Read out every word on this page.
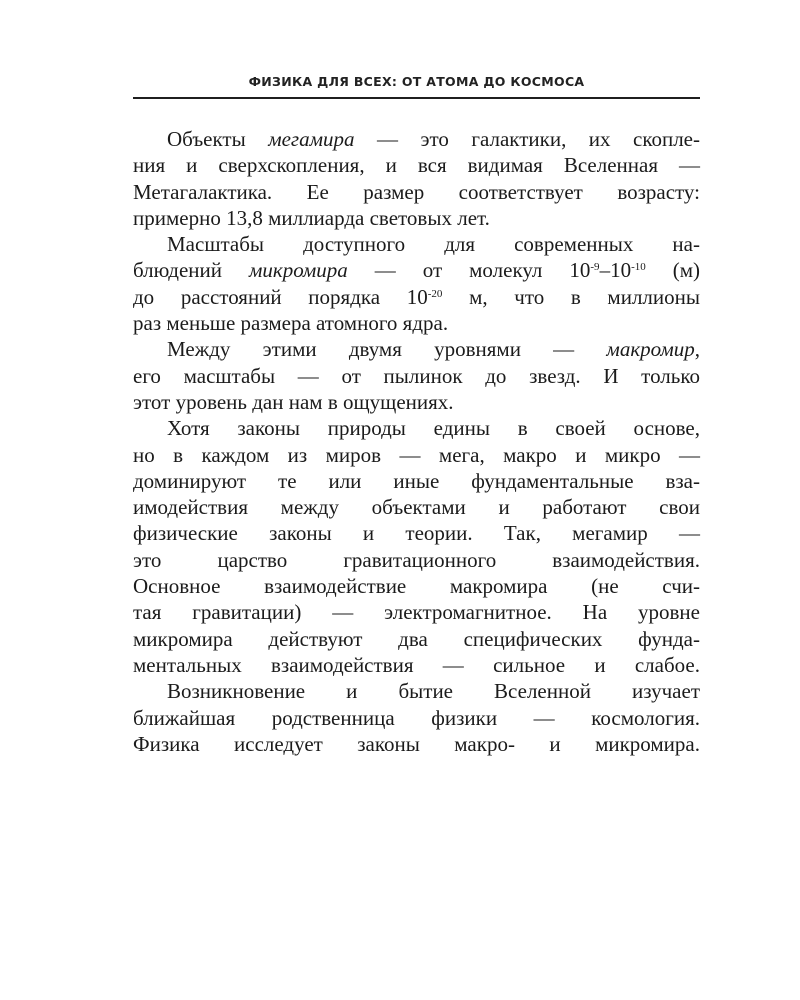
ФИЗИКА ДЛЯ ВСЕХ: ОТ АТОМА ДО КОСМОСА
Объекты мегамира — это галактики, их скопле-
ния и сверхскопления, и вся видимая Вселенная —
Метагалактика. Ее размер соответствует возрасту:
примерно 13,8 миллиарда световых лет.
Масштабы доступного для современных на-
блюдений микромира — от молекул $10^{-9}-10^{-10}$ (м)
до расстояний порядка $10^{-20}$ м, что в миллионы
раз меньше размера атомного ядра.
Между этими двумя уровнями — макромир,
его масштабы — от пылинок до звезд. И только
этот уровень дан нам в ощущениях.
Хотя законы природы едины в своей основе,
но в каждом из миров — мега, макро и микро —
доминируют те или иные фундаментальные вза-
имодействия между объектами и работают свои
физические законы и теории. Так, мегамир —
это царство гравитационного взаимодействия.
Основное взаимодействие макромира (не счи-
тая гравитации) — электромагнитное. На уровне
микромира действуют два специфических фунда-
ментальных взаимодействия — сильное и слабое.
Возникновение и бытие Вселенной изучает
ближайшая родственница физики — космология.
Физика исследует законы макро- и микромира.
